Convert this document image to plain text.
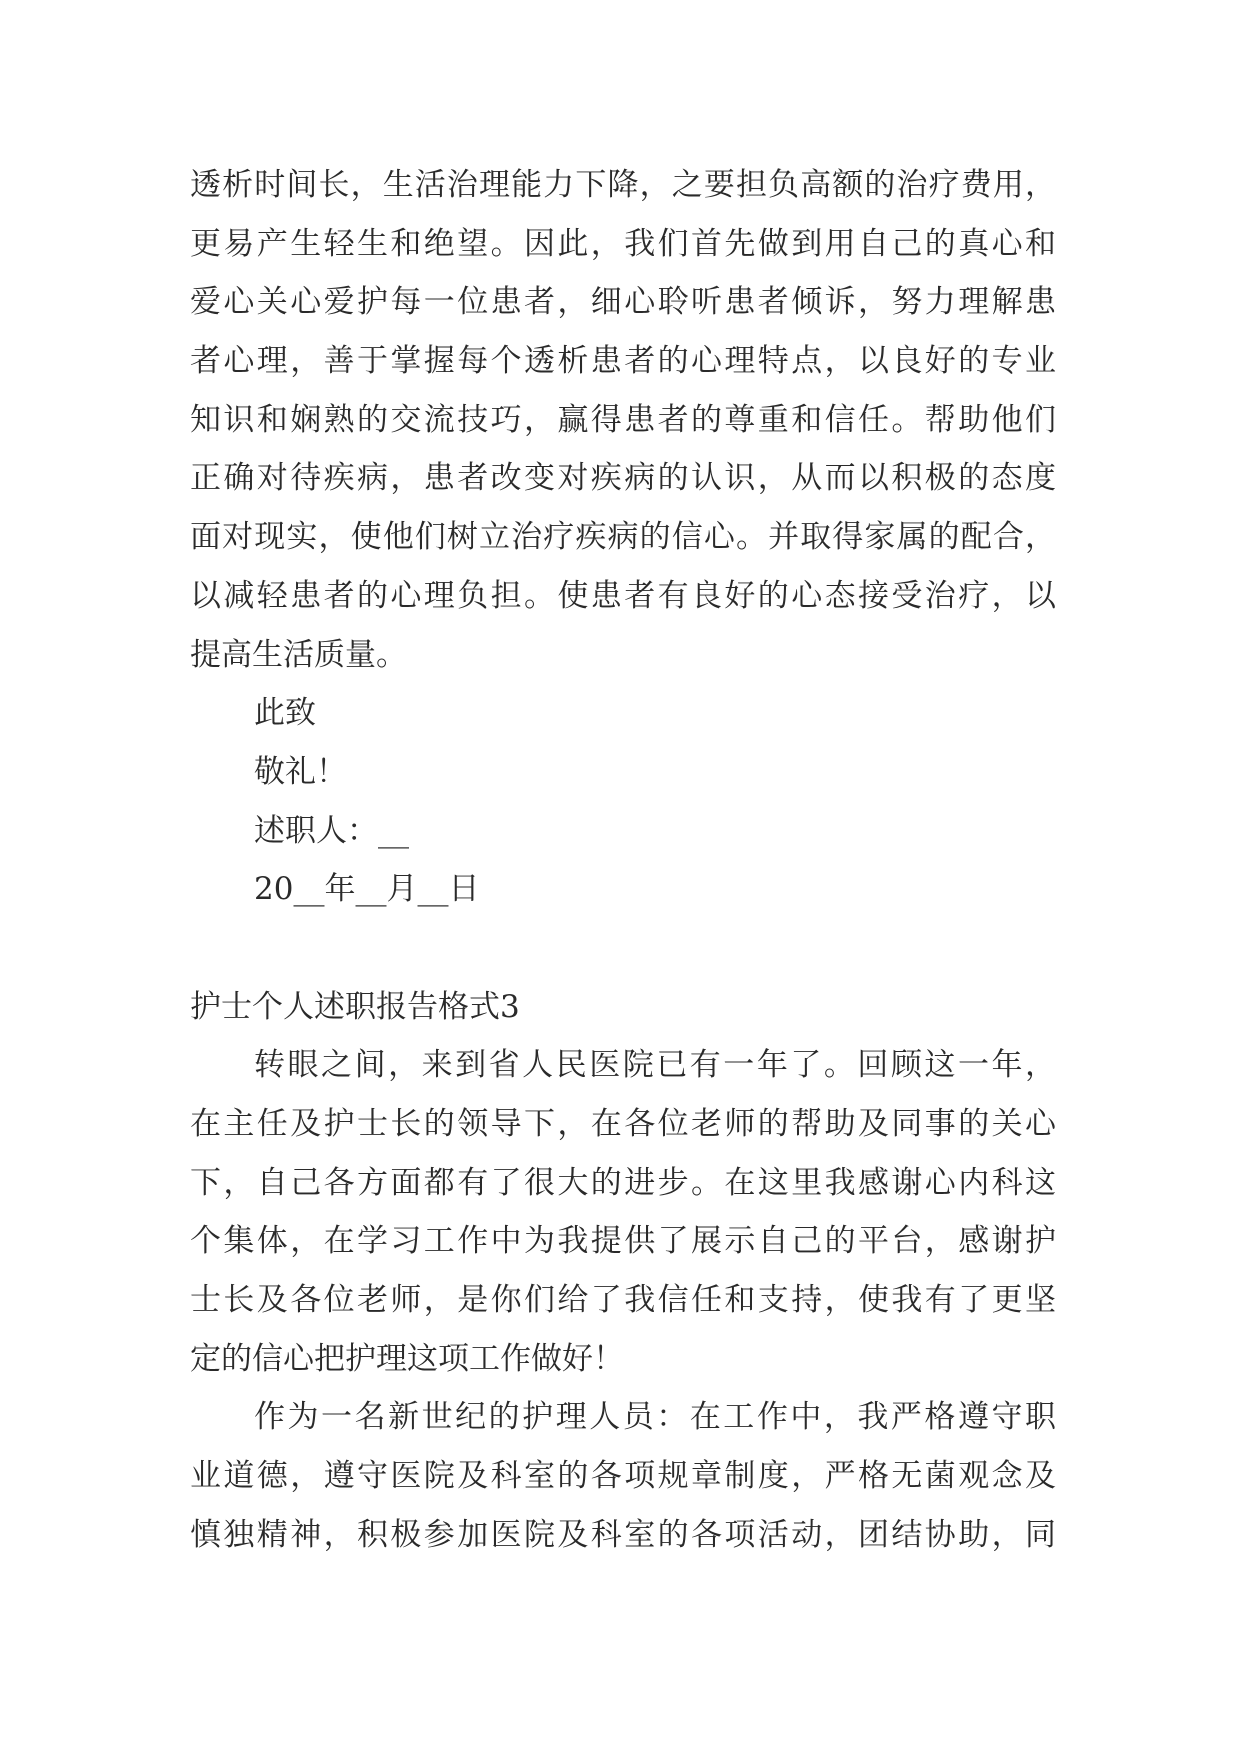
透析时间长，生活治理能力下降，之要担负高额的治疗费用，
更易产生轻生和绝望。因此，我们首先做到用自己的真心和
爱心关心爱护每一位患者，细心聆听患者倾诉，努力理解患
者心理，善于掌握每个透析患者的心理特点，以良好的专业
知识和娴熟的交流技巧，赢得患者的尊重和信任。帮助他们
正确对待疾病，患者改变对疾病的认识，从而以积极的态度
面对现实，使他们树立治疗疾病的信心。并取得家属的配合，
以减轻患者的心理负担。使患者有良好的心态接受治疗，以
提高生活质量。
此致
敬礼！
述职人：__
20__年__月__日
护士个人述职报告格式3
转眼之间，来到省人民医院已有一年了。回顾这一年，
在主任及护士长的领导下，在各位老师的帮助及同事的关心
下，自己各方面都有了很大的进步。在这里我感谢心内科这
个集体，在学习工作中为我提供了展示自己的平台，感谢护
士长及各位老师，是你们给了我信任和支持，使我有了更坚
定的信心把护理这项工作做好！
作为一名新世纪的护理人员：在工作中，我严格遵守职
业道德，遵守医院及科室的各项规章制度，严格无菌观念及
慎独精神，积极参加医院及科室的各项活动，团结协助，同
